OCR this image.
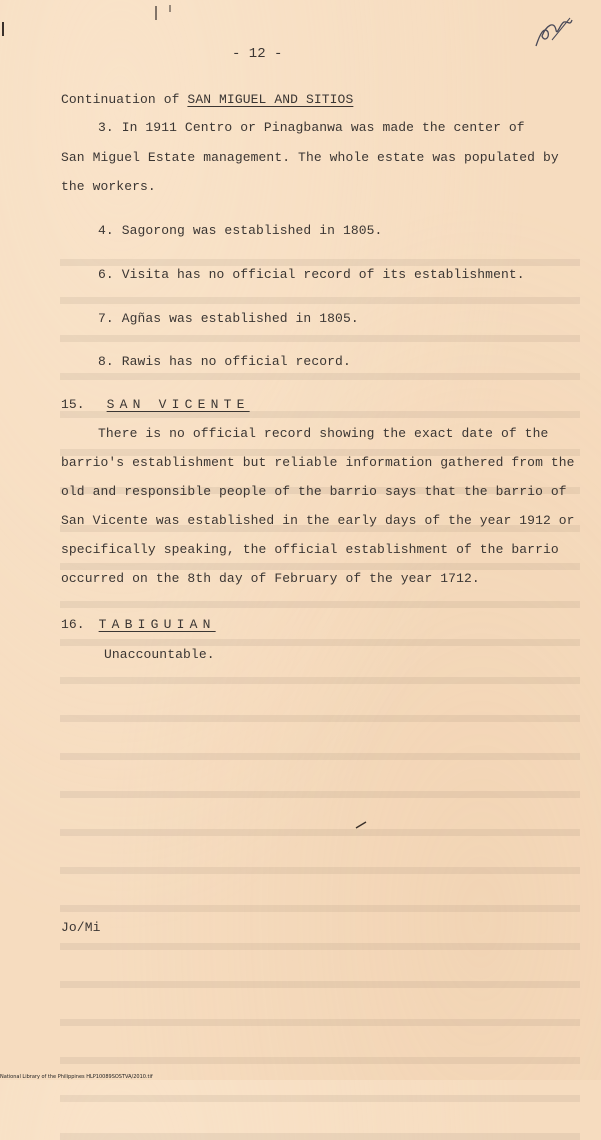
- 12 -
Continuation of SAN MIGUEL AND SITIOS
3. In 1911 Centro or Pinagbanwa was made the center of
San Miguel Estate management. The whole estate was populated by
the workers.
4. Sagorong was established in 1805.
6. Visita has no official record of its establishment.
7. Agñas was established in 1805.
8. Rawis has no official record.
15. SAN VICENTE
There is no official record showing the exact date of the
barrio's establishment but reliable information gathered from the
old and responsible people of the barrio says that the barrio of
San Vicente was established in the early days of the year 1912 or
specifically speaking, the official establishment of the barrio
occurred on the 8th day of February of the year 1712.
16. TABIGUIAN
Unaccountable.
Jo/Mi
National Library of the Philippines HLP10089SOSTVA/2010.tif
